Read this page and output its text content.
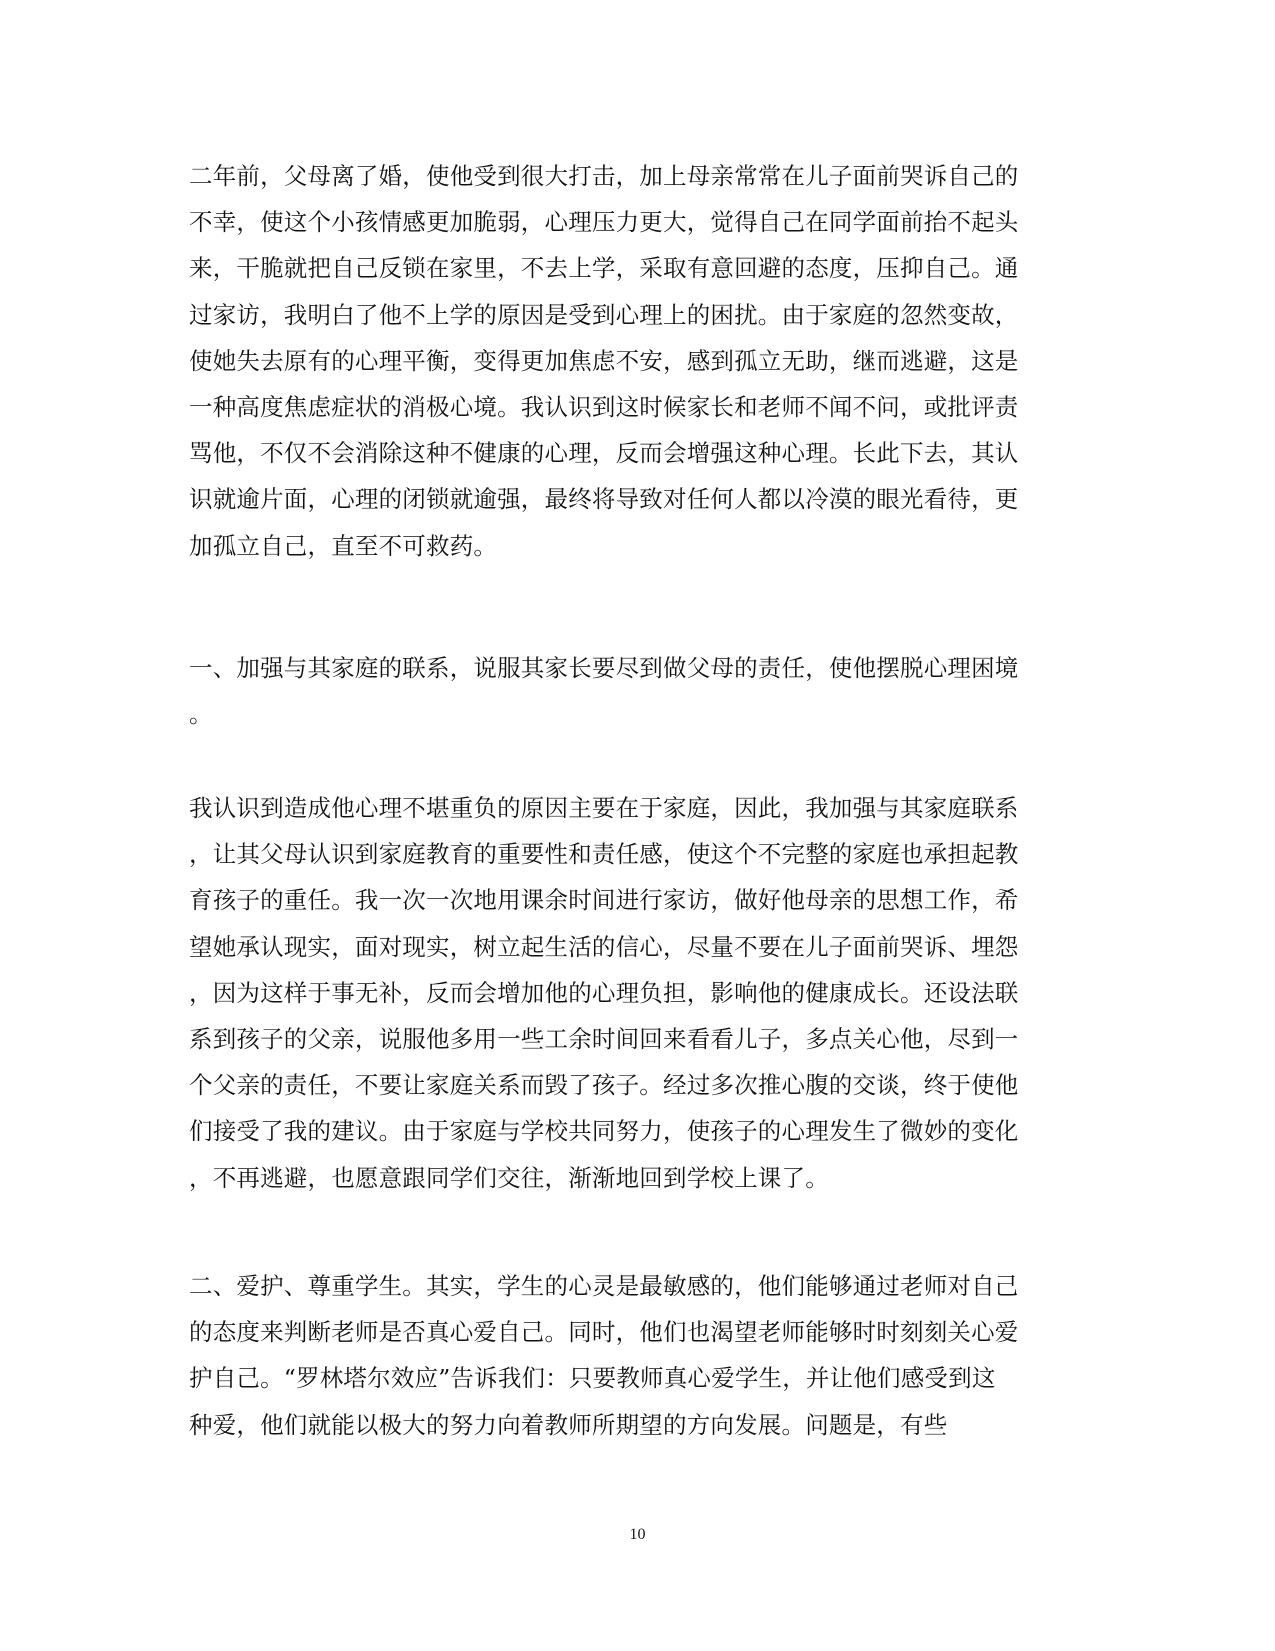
二年前，父母离了婚，使他受到很大打击，加上母亲常常在儿子面前哭诉自己的
不幸，使这个小孩情感更加脆弱，心理压力更大，觉得自己在同学面前抬不起头
来，干脆就把自己反锁在家里，不去上学，采取有意回避的态度，压抑自己。通
过家访，我明白了他不上学的原因是受到心理上的困扰。由于家庭的忽然变故，
使她失去原有的心理平衡，变得更加焦虑不安，感到孤立无助，继而逃避，这是
一种高度焦虑症状的消极心境。我认识到这时候家长和老师不闻不问，或批评责
骂他，不仅不会消除这种不健康的心理，反而会增强这种心理。长此下去，其认
识就逾片面，心理的闭锁就逾强，最终将导致对任何人都以冷漠的眼光看待，更
加孤立自己，直至不可救药。
一、加强与其家庭的联系，说服其家长要尽到做父母的责任，使他摆脱心理困境
。
我认识到造成他心理不堪重负的原因主要在于家庭，因此，我加强与其家庭联系
，让其父母认识到家庭教育的重要性和责任感，使这个不完整的家庭也承担起教
育孩子的重任。我一次一次地用课余时间进行家访，做好他母亲的思想工作，希
望她承认现实，面对现实，树立起生活的信心，尽量不要在儿子面前哭诉、埋怨
，因为这样于事无补，反而会增加他的心理负担，影响他的健康成长。还设法联
系到孩子的父亲，说服他多用一些工余时间回来看看儿子，多点关心他，尽到一
个父亲的责任，不要让家庭关系而毁了孩子。经过多次推心腹的交谈，终于使他
们接受了我的建议。由于家庭与学校共同努力，使孩子的心理发生了微妙的变化
，不再逃避，也愿意跟同学们交往，渐渐地回到学校上课了。
二、爱护、尊重学生。其实，学生的心灵是最敏感的，他们能够通过老师对自己
的态度来判断老师是否真心爱自己。同时，他们也渴望老师能够时时刻刻关心爱
护自己。“罗林塔尔效应”告诉我们：只要教师真心爱学生，并让他们感受到这
种爱，他们就能以极大的努力向着教师所期望的方向发展。问题是，有些
10
